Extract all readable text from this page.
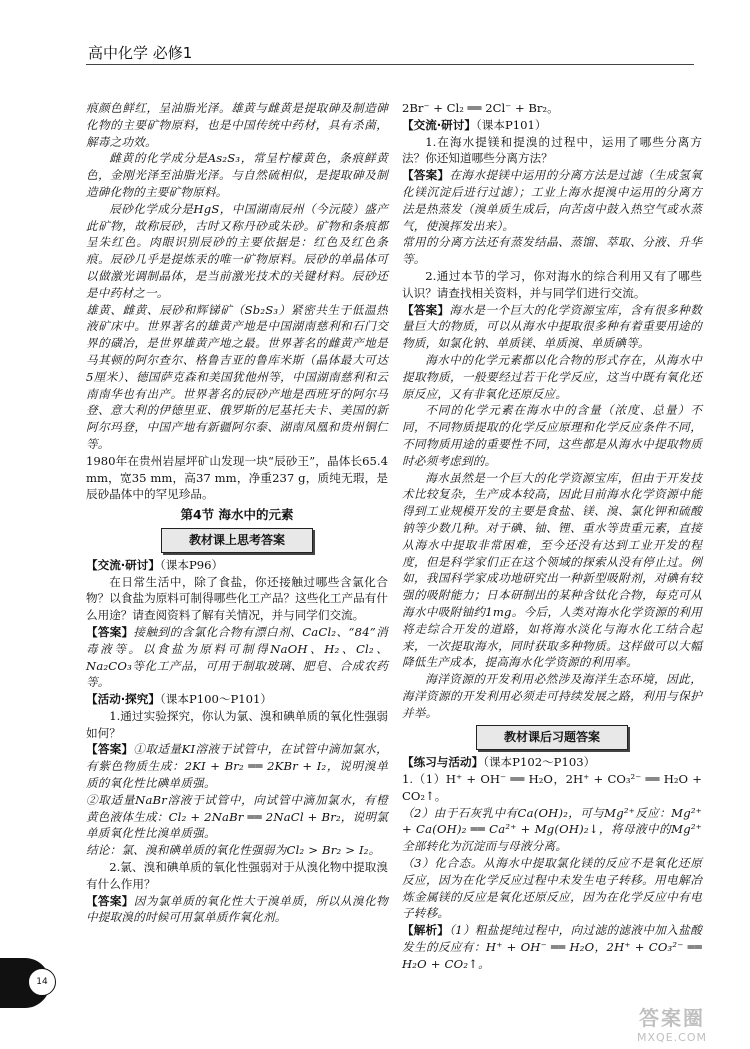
高中化学 必修1

痕颜色鲜红，呈油脂光泽。雄黄与雌黄是提取砷及制造砷化物的主要矿物原料，也是中国传统中药材，具有杀菌，解毒之功效。

雌黄的化学成分是As₂S₃，常呈柠檬黄色，条痕鲜黄色，金刚光泽至油脂光泽。与自然硫相似，是提取砷及制造砷化物的主要矿物原料。

辰砂化学成分是HgS，中国湖南辰州（今沅陵）盛产此矿物，故称辰砂，古时又称丹砂或朱砂。矿物和条痕都呈朱红色。肉眼识别辰砂的主要依据是：红色及红色条痕。辰砂几乎是提炼汞的唯一矿物原料。辰砂的单晶体可以做激光调制晶体，是当前激光技术的关键材料。辰砂还是中药材之一。

雄黄、雌黄、辰砂和辉锑矿（Sb₂S₃）紧密共生于低温热液矿床中。世界著名的雄黄产地是中国湖南慈利和石门交界的磺冶，是世界雄黄产地之最。世界著名的雌黄产地是马其顿的阿尔查尔、格鲁吉亚的鲁库米斯（晶体最大可达5厘米）、德国萨克森和美国犹他州等，中国湖南慈利和云南南华也有出产。世界著名的辰砂产地是西班牙的阿尔马登、意大利的伊德里亚、俄罗斯的尼基托夫卡、美国的新阿尔玛登，中国产地有新疆阿尔泰、湖南凤凰和贵州铜仁等。

1980年在贵州岩屋坪矿山发现一块“辰砂王”，晶体长65.4 mm，宽35 mm，高37 mm，净重237 g，质纯无瑕，是辰砂晶体中的罕见珍品。

第4节 海水中的元素
教材课上思考答案

【交流·研讨】（课本P96）

在日常生活中，除了食盐，你还接触过哪些含氯化合物？以食盐为原料可制得哪些化工产品？这些化工产品有什么用途？请查阅资料了解有关情况，并与同学们交流。

【答案】接触到的含氯化合物有漂白剂、CaCl₂、“84”消毒液等。以食盐为原料可制得NaOH、H₂、Cl₂、Na₂CO₃等化工产品，可用于制取玻璃、肥皂、合成农药等。

【活动·探究】（课本P100～P101）

1.通过实验探究，你认为氯、溴和碘单质的氧化性强弱如何？

【答案】①取适量KI溶液于试管中，在试管中滴加氯水，有紫色物质生成：2KI + Br₂ ══ 2KBr + I₂，说明溴单质的氧化性比碘单质强。

②取适量NaBr溶液于试管中，向试管中滴加氯水，有橙黄色液体生成：Cl₂ + 2NaBr ══ 2NaCl + Br₂，说明氯单质氧化性比溴单质强。

结论：氯、溴和碘单质的氧化性强弱为Cl₂ > Br₂ > I₂。

2.氯、溴和碘单质的氧化性强弱对于从溴化物中提取溴有什么作用？

【答案】因为氯单质的氧化性大于溴单质，所以从溴化物中提取溴的时候可用氯单质作氧化剂。

2Br⁻ + Cl₂ ══ 2Cl⁻ + Br₂。

【交流·研讨】（课本P101）

1.在海水提镁和提溴的过程中，运用了哪些分离方法？你还知道哪些分离方法？

【答案】在海水提镁中运用的分离方法是过滤（生成氢氧化镁沉淀后进行过滤）；工业上海水提溴中运用的分离方法是热蒸发（溴单质生成后，向苦卤中鼓入热空气或水蒸气，使溴挥发出来）。

常用的分离方法还有蒸发结晶、蒸馏、萃取、分液、升华等。

2.通过本节的学习，你对海水的综合利用又有了哪些认识？请查找相关资料，并与同学们进行交流。

【答案】海水是一个巨大的化学资源宝库，含有很多种数量巨大的物质，可以从海水中提取很多种有着重要用途的物质，如氯化钠、单质镁、单质溴、单质碘等。

海水中的化学元素都以化合物的形式存在，从海水中提取物质，一般要经过若干化学反应，这当中既有氧化还原反应，又有非氧化还原反应。

不同的化学元素在海水中的含量（浓度、总量）不同，不同物质提取的化学反应原理和化学反应条件不同，不同物质用途的重要性不同，这些都是从海水中提取物质时必须考虑到的。

海水虽然是一个巨大的化学资源宝库，但由于开发技术比较复杂，生产成本较高，因此目前海水化学资源中能得到工业规模开发的主要是食盐、镁、溴、氯化钾和硫酸钠等少数几种。对于碘、铀、锂、重水等贵重元素，直接从海水中提取非常困难，至今还没有达到工业开发的程度，但是科学家们正在这个领域的探索从没有停止过。例如，我国科学家成功地研究出一种新型吸附剂，对碘有较强的吸附能力；日本研制出的某种含钛化合物，每克可从海水中吸附铀约1mg。今后，人类对海水化学资源的利用将走综合开发的道路，如将海水淡化与海水化工结合起来，一次提取海水，同时获取多种物质。这样做可以大幅降低生产成本，提高海水化学资源的利用率。

海洋资源的开发利用必然涉及海洋生态环境，因此，海洋资源的开发利用必须走可持续发展之路，利用与保护并举。

教材课后习题答案

【练习与活动】（课本P102～P103）

1.（1）H⁺ + OH⁻ ══ H₂O，2H⁺ + CO₃²⁻ ══ H₂O + CO₂↑。

（2）由于石灰乳中有Ca(OH)₂，可与Mg²⁺反应：Mg²⁺ + Ca(OH)₂ ══ Ca²⁺ + Mg(OH)₂↓，将母液中的Mg²⁺全部转化为沉淀而与母液分离。

（3）化合态。从海水中提取氯化镁的反应不是氧化还原反应，因为在化学反应过程中未发生电子转移。用电解冶炼金属镁的反应是氧化还原反应，因为在化学反应中有电子转移。

【解析】（1）粗盐提纯过程中，向过滤的滤液中加入盐酸发生的反应有：H⁺ + OH⁻ ══ H₂O，2H⁺ + CO₃²⁻ ══ H₂O + CO₂↑。

14
答案圈
MXQE.COM
